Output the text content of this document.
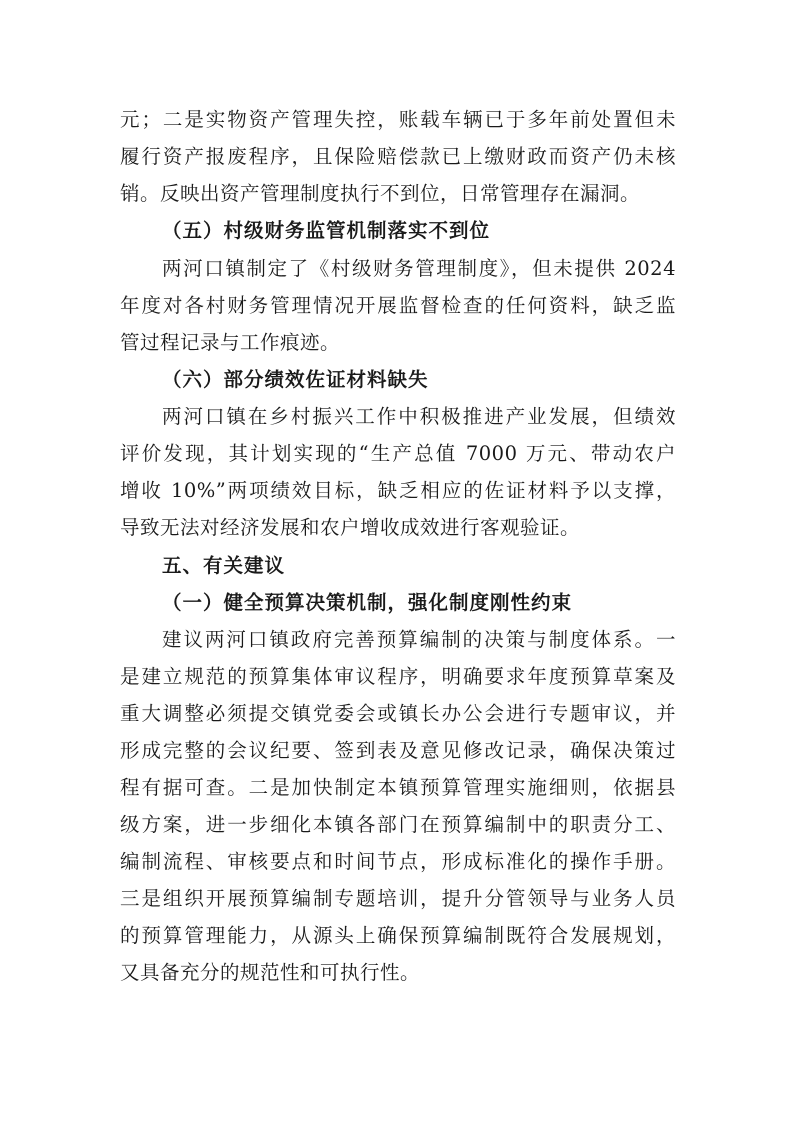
元；二是实物资产管理失控，账载车辆已于多年前处置但未
履行资产报废程序，且保险赔偿款已上缴财政而资产仍未核
销。反映出资产管理制度执行不到位，日常管理存在漏洞。
（五）村级财务监管机制落实不到位
两河口镇制定了《村级财务管理制度》，但未提供 2024
年度对各村财务管理情况开展监督检查的任何资料，缺乏监
管过程记录与工作痕迹。
（六）部分绩效佐证材料缺失
两河口镇在乡村振兴工作中积极推进产业发展，但绩效
评价发现，其计划实现的“生产总值 7000 万元、带动农户
增收 10%”两项绩效目标，缺乏相应的佐证材料予以支撑，
导致无法对经济发展和农户增收成效进行客观验证。
五、有关建议
（一）健全预算决策机制，强化制度刚性约束
建议两河口镇政府完善预算编制的决策与制度体系。一
是建立规范的预算集体审议程序，明确要求年度预算草案及
重大调整必须提交镇党委会或镇长办公会进行专题审议，并
形成完整的会议纪要、签到表及意见修改记录，确保决策过
程有据可查。二是加快制定本镇预算管理实施细则，依据县
级方案，进一步细化本镇各部门在预算编制中的职责分工、
编制流程、审核要点和时间节点，形成标准化的操作手册。
三是组织开展预算编制专题培训，提升分管领导与业务人员
的预算管理能力，从源头上确保预算编制既符合发展规划，
又具备充分的规范性和可执行性。
